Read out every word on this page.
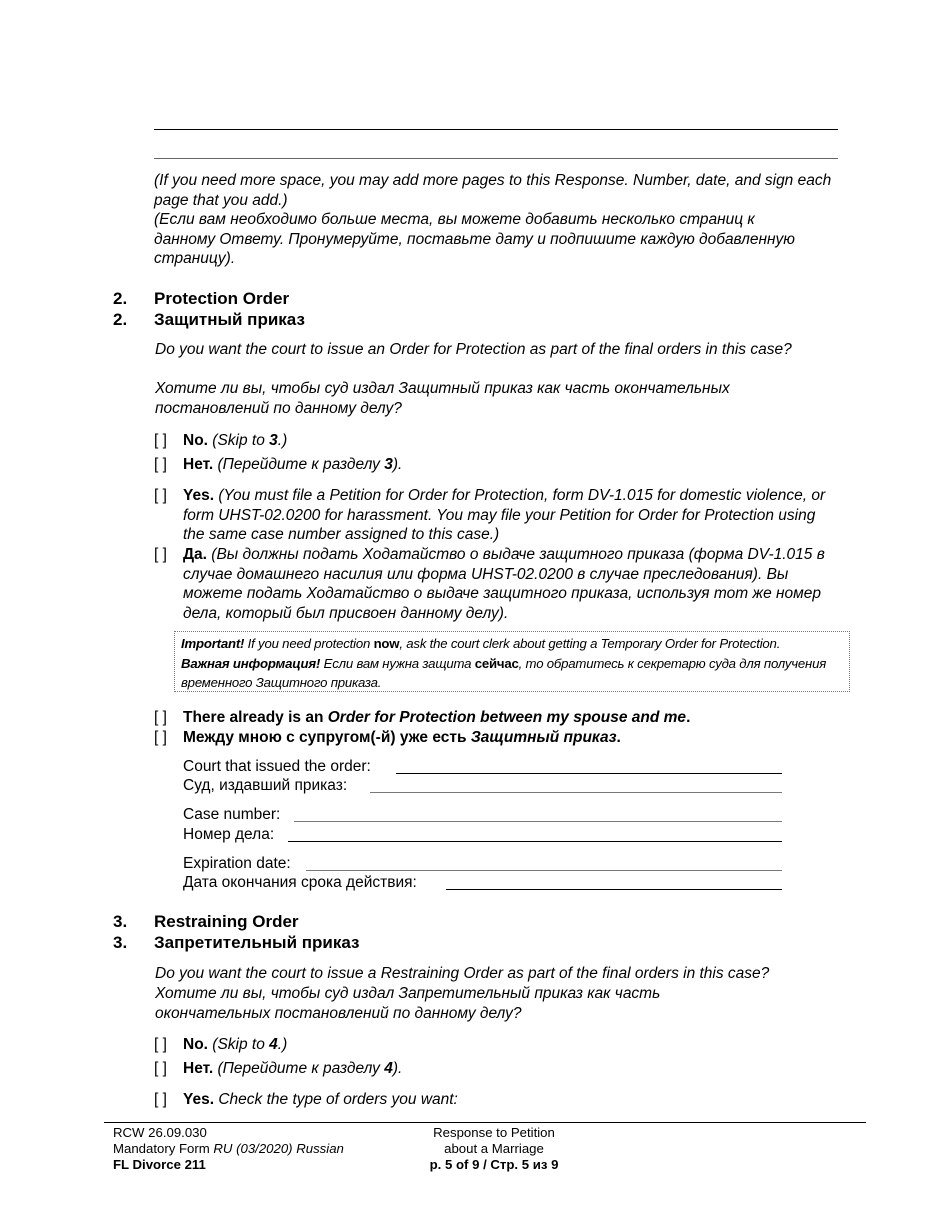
(If you need more space, you may add more pages to this Response. Number, date, and sign each page that you add.)
(Если вам необходимо больше места, вы можете добавить несколько страниц к данному Ответу. Пронумеруйте, поставьте дату и подпишите каждую добавленную страницу).
2. Protection Order
2. Защитный приказ
Do you want the court to issue an Order for Protection as part of the final orders in this case?
Хотите ли вы, чтобы суд издал Защитный приказ как часть окончательных постановлений по данному делу?
[ ] No. (Skip to 3.)
[ ] Нет. (Перейдите к разделу 3).
[ ] Yes. (You must file a Petition for Order for Protection, form DV-1.015 for domestic violence, or form UHST-02.0200 for harassment. You may file your Petition for Order for Protection using the same case number assigned to this case.)
[ ] Да. (Вы должны подать Ходатайство о выдаче защитного приказа (форма DV-1.015 в случае домашнего насилия или форма UHST-02.0200 в случае преследования). Вы можете подать Ходатайство о выдаче защитного приказа, используя тот же номер дела, который был присвоен данному делу).
Important! If you need protection now, ask the court clerk about getting a Temporary Order for Protection.
Важная информация! Если вам нужна защита сейчас, то обратитесь к секретарю суда для получения временного Защитного приказа.
[ ] There already is an Order for Protection between my spouse and me.
[ ] Между мною с супругом(-й) уже есть Защитный приказ.
Court that issued the order:
Суд, издавший приказ:
Case number:
Номер дела:
Expiration date:
Дата окончания срока действия:
3. Restraining Order
3. Запретительный приказ
Do you want the court to issue a Restraining Order as part of the final orders in this case?
Хотите ли вы, чтобы суд издал Запретительный приказ как часть окончательных постановлений по данному делу?
[ ] No. (Skip to 4.)
[ ] Нет. (Перейдите к разделу 4).
[ ] Yes. Check the type of orders you want:
RCW 26.09.030
Mandatory Form RU (03/2020) Russian
FL Divorce 211
Response to Petition
about a Marriage
p. 5 of 9 / Стр. 5 из 9
